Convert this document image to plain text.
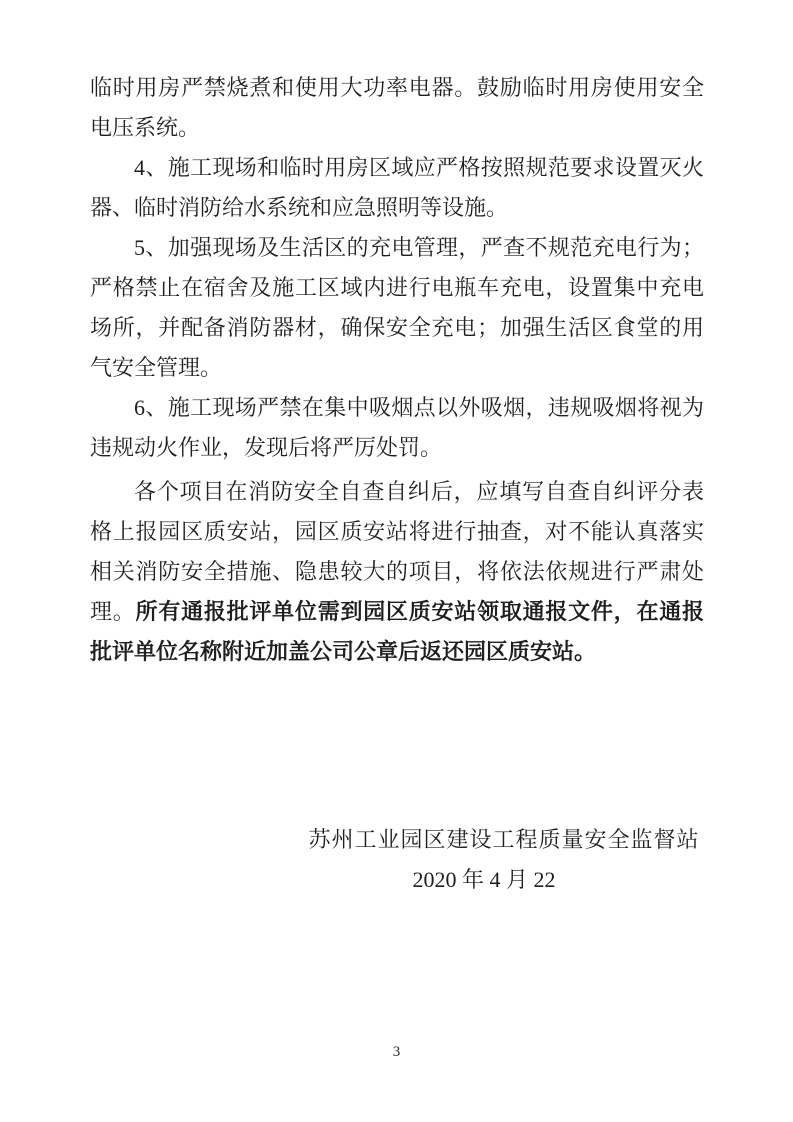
临时用房严禁烧煮和使用大功率电器。鼓励临时用房使用安全电压系统。

4、施工现场和临时用房区域应严格按照规范要求设置灭火器、临时消防给水系统和应急照明等设施。

5、加强现场及生活区的充电管理，严查不规范充电行为；严格禁止在宿舍及施工区域内进行电瓶车充电，设置集中充电场所，并配备消防器材，确保安全充电；加强生活区食堂的用气安全管理。

6、施工现场严禁在集中吸烟点以外吸烟，违规吸烟将视为违规动火作业，发现后将严厉处罚。

各个项目在消防安全自查自纠后，应填写自查自纠评分表格上报园区质安站，园区质安站将进行抽查，对不能认真落实相关消防安全措施、隐患较大的项目，将依法依规进行严肃处理。所有通报批评单位需到园区质安站领取通报文件，在通报批评单位名称附近加盖公司公章后返还园区质安站。

苏州工业园区建设工程质量安全监督站
2020 年 4 月 22
3
